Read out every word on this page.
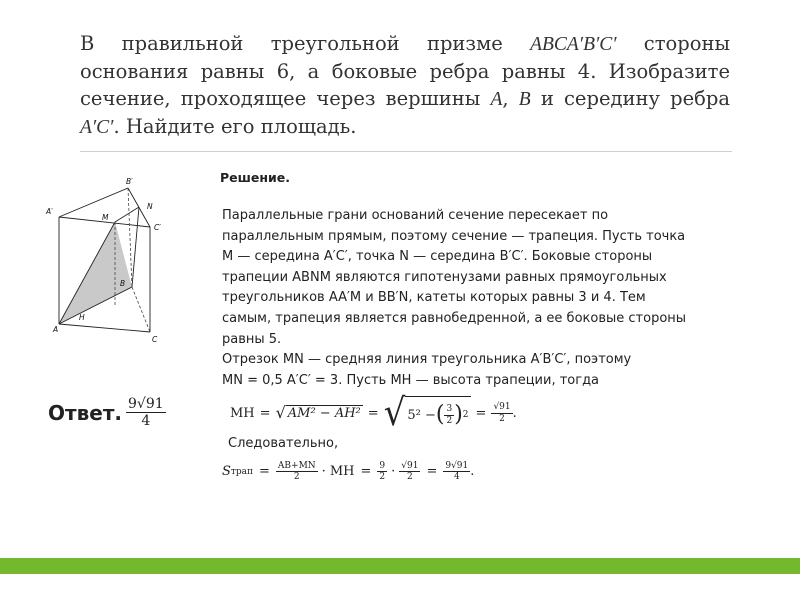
В правильной треугольной призме ABCA′B′C′ стороны основания равны 6, а боковые ребра равны 4. Изобразите сечение, проходящее через вершины A, B и середину ребра A′C′. Найдите его площадь.
B′
A′
C′
N
M
B
A
H
C
Решение.
Параллельные грани оснований сечение пересекает по
параллельным прямым, поэтому сечение — трапеция. Пусть точка
M — середина A′C′, точка N — середина B′C′. Боковые стороны
трапеции ABNM являются гипотенузами равных прямоугольных
треугольников AA′M и BB′N, катеты которых равны 3 и 4. Тем
самым, трапеция является равнобедренной, а ее боковые стороны
равны 5.
Отрезок MN — средняя линия треугольника A′B′C′, поэтому
MN = 0,5 A′C′ = 3. Пусть MH — высота трапеции, тогда
Ответ. $\frac{9√91}{4}$	MH = √ AM² − AH² = √ 5² − ( $\frac{3}{2}$ ) $2 = \frac{√91}{2}$ .
Следовательно,
S трап = $\frac{AB+MN}{2}$ · MH = $\frac{9}{2} \cdot \frac{√91}{2} = \frac{9√91}{4}$ .
